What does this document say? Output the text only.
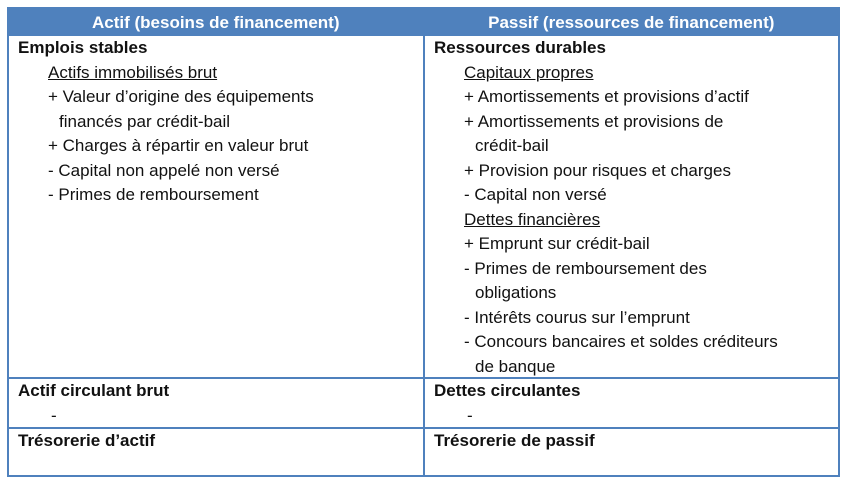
Actif (besoins de financement)	Passif (ressources de financement)
Emplois stables
Actifs immobilisés brut
+ Valeur d’origine des équipements
financés par crédit-bail
+ Charges à répartir en valeur brut
- Capital non appelé non versé
- Primes de remboursement
Ressources durables
Capitaux propres
+ Amortissements et provisions d’actif
+ Amortissements et provisions de
crédit-bail
+ Provision pour risques et charges
- Capital non versé
Dettes financières
+ Emprunt sur crédit-bail
- Primes de remboursement des
obligations
- Intérêts courus sur l’emprunt
- Concours bancaires et soldes créditeurs
de banque
Actif circulant brut
-
Dettes circulantes
-
Trésorerie d’actif	Trésorerie de passif
